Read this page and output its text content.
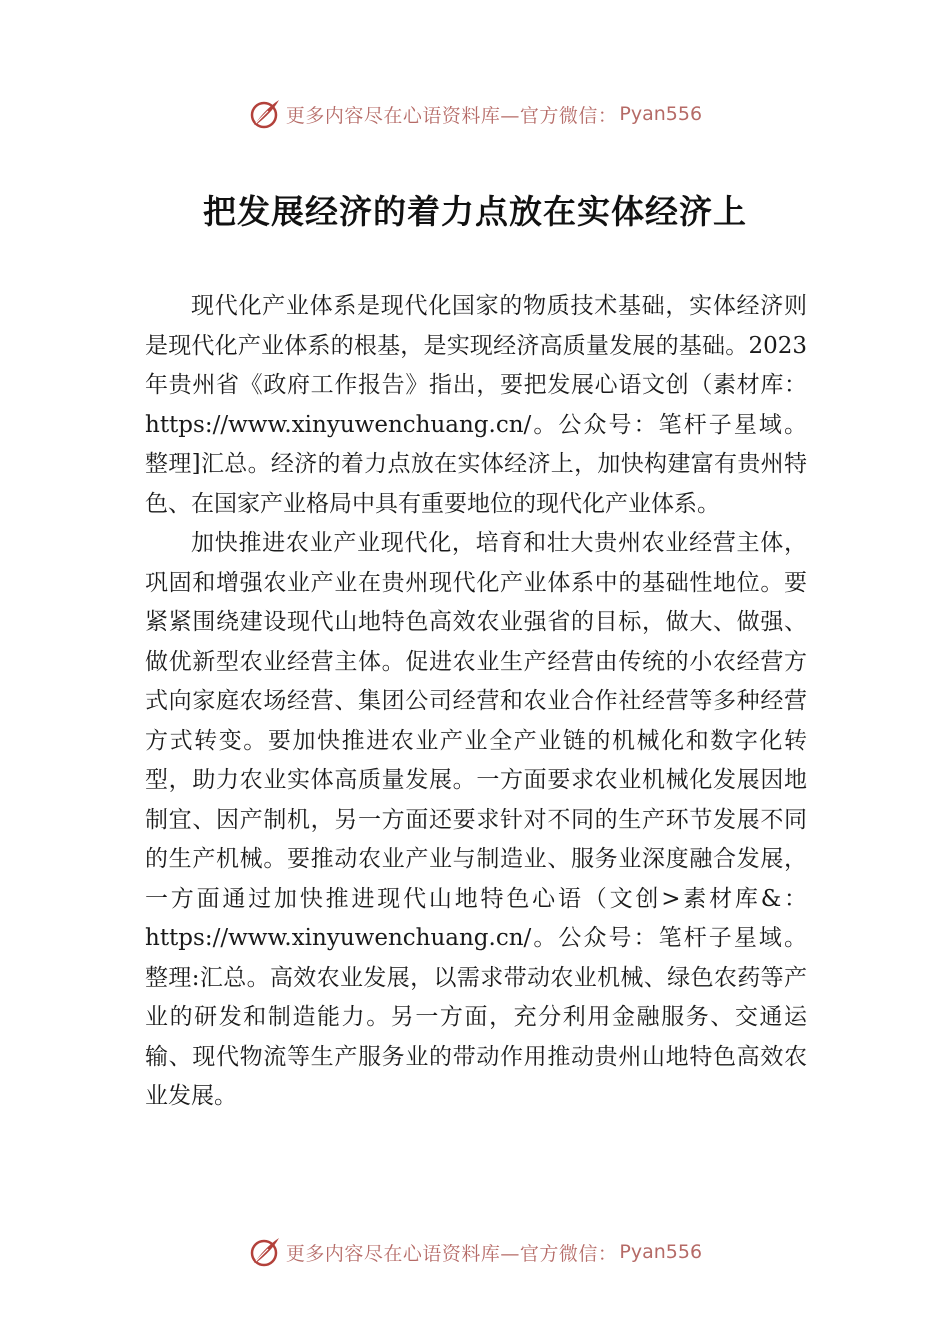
更多内容尽在心语资料库—官方微信： Pyan556
把发展经济的着力点放在实体经济上

现代化产业体系是现代化国家的物质技术基础，实体经济则是现代化产业体系的根基，是实现经济高质量发展的基础。2023 年贵州省《政府工作报告》指出，要把发展心语文创（素材库：https://www.xinyuwenchuang.cn/。公众号：笔杆子星域。整理]汇总。经济的着力点放在实体经济上，加快构建富有贵州特色、在国家产业格局中具有重要地位的现代化产业体系。

加快推进农业产业现代化，培育和壮大贵州农业经营主体，巩固和增强农业产业在贵州现代化产业体系中的基础性地位。要紧紧围绕建设现代山地特色高效农业强省的目标，做大、做强、做优新型农业经营主体。促进农业生产经营由传统的小农经营方式向家庭农场经营、集团公司经营和农业合作社经营等多种经营方式转变。要加快推进农业产业全产业链的机械化和数字化转型，助力农业实体高质量发展。一方面要求农业机械化发展因地制宜、因产制机，另一方面还要求针对不同的生产环节发展不同的生产机械。要推动农业产业与制造业、服务业深度融合发展，一方面通过加快推进现代山地特色心语（文创>素材库&：https://www.xinyuwenchuang.cn/。公众号：笔杆子星域。整理:汇总。高效农业发展，以需求带动农业机械、绿色农药等产业的研发和制造能力。另一方面，充分利用金融服务、交通运输、现代物流等生产服务业的带动作用推动贵州山地特色高效农业发展。

更多内容尽在心语资料库—官方微信： Pyan556
